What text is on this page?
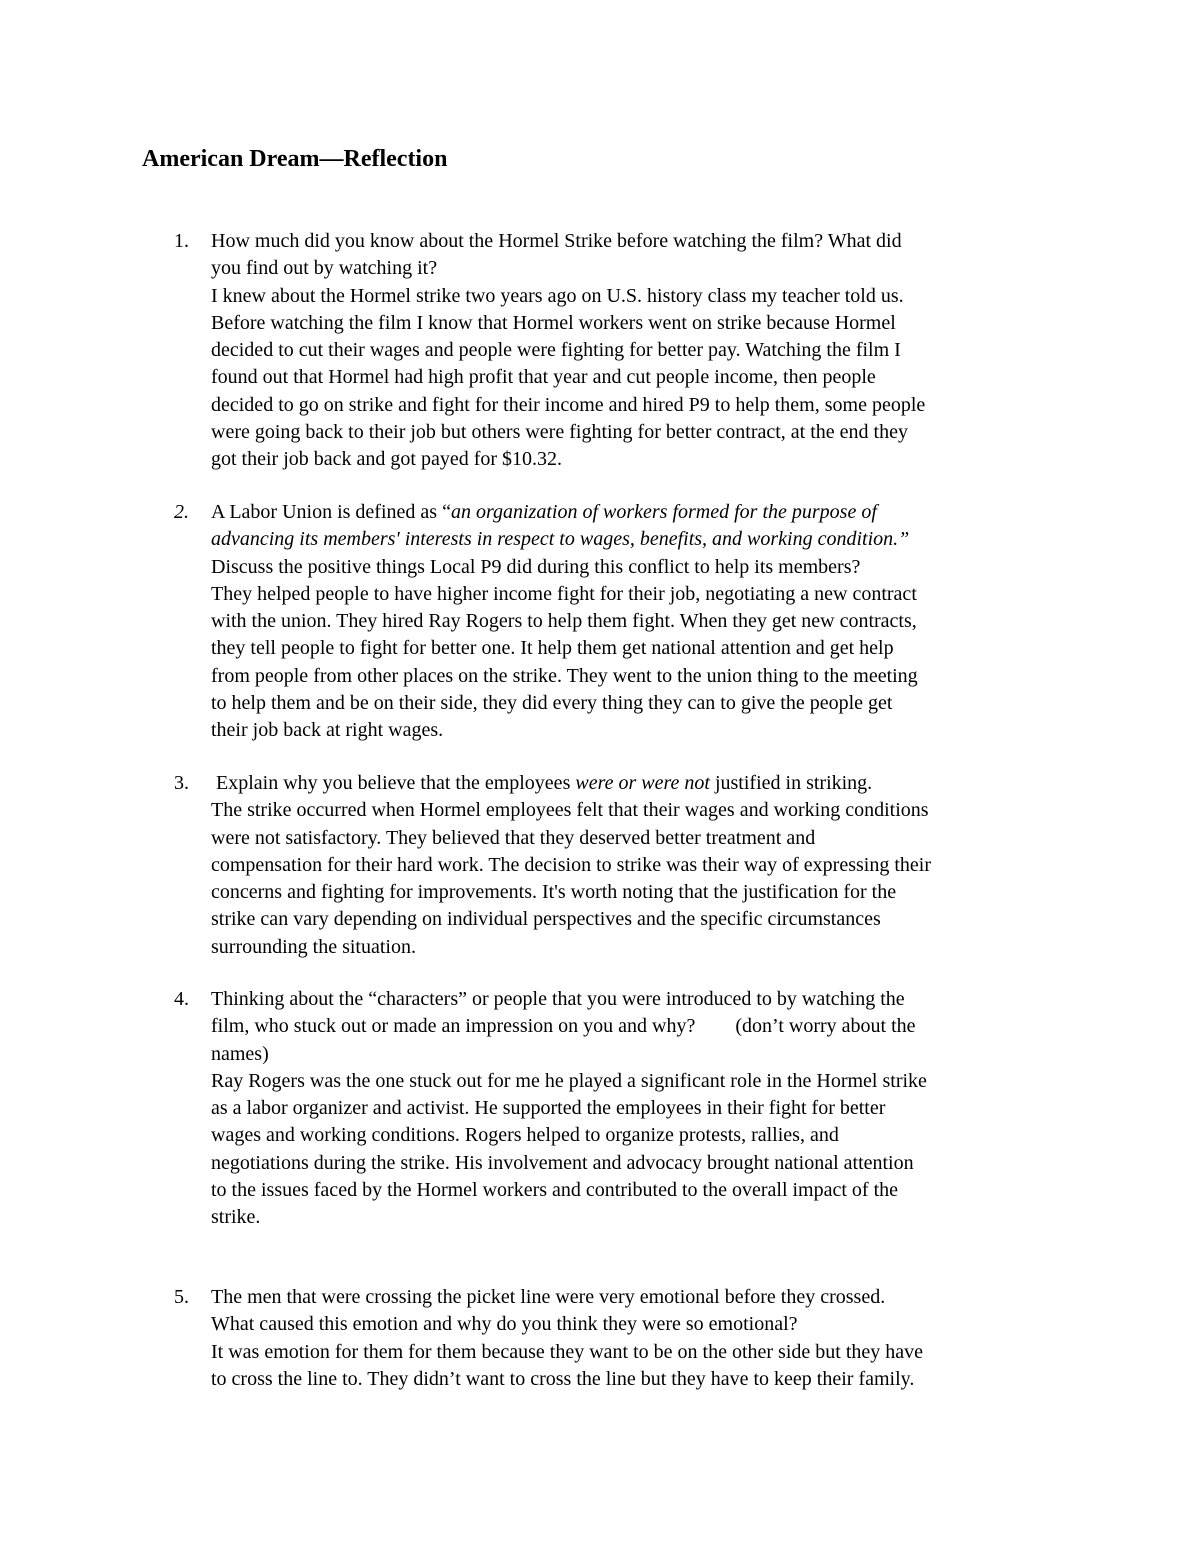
American Dream—Reflection
1. How much did you know about the Hormel Strike before watching the film? What did
you find out by watching it?
I knew about the Hormel strike two years ago on U.S. history class my teacher told us.
Before watching the film I know that Hormel workers went on strike because Hormel
decided to cut their wages and people were fighting for better pay. Watching the film I
found out that Hormel had high profit that year and cut people income, then people
decided to go on strike and fight for their income and hired P9 to help them, some people
were going back to their job but others were fighting for better contract, at the end they
got their job back and got payed for $10.32.
2. A Labor Union is defined as “an organization of workers formed for the purpose of
advancing its members' interests in respect to wages, benefits, and working condition.”
Discuss the positive things Local P9 did during this conflict to help its members?
They helped people to have higher income fight for their job, negotiating a new contract
with the union. They hired Ray Rogers to help them fight. When they get new contracts,
they tell people to fight for better one. It help them get national attention and get help
from people from other places on the strike. They went to the union thing to the meeting
to help them and be on their side, they did every thing they can to give the people get
their job back at right wages.
3. Explain why you believe that the employees were or were not justified in striking.
The strike occurred when Hormel employees felt that their wages and working conditions
were not satisfactory. They believed that they deserved better treatment and
compensation for their hard work. The decision to strike was their way of expressing their
concerns and fighting for improvements. It's worth noting that the justification for the
strike can vary depending on individual perspectives and the specific circumstances
surrounding the situation.
4. Thinking about the “characters” or people that you were introduced to by watching the
film, who stuck out or made an impression on you and why?        (don’t worry about the
names)
Ray Rogers was the one stuck out for me he played a significant role in the Hormel strike
as a labor organizer and activist. He supported the employees in their fight for better
wages and working conditions. Rogers helped to organize protests, rallies, and
negotiations during the strike. His involvement and advocacy brought national attention
to the issues faced by the Hormel workers and contributed to the overall impact of the
strike.
5. The men that were crossing the picket line were very emotional before they crossed.
What caused this emotion and why do you think they were so emotional?
It was emotion for them for them because they want to be on the other side but they have
to cross the line to. They didn’t want to cross the line but they have to keep their family.
